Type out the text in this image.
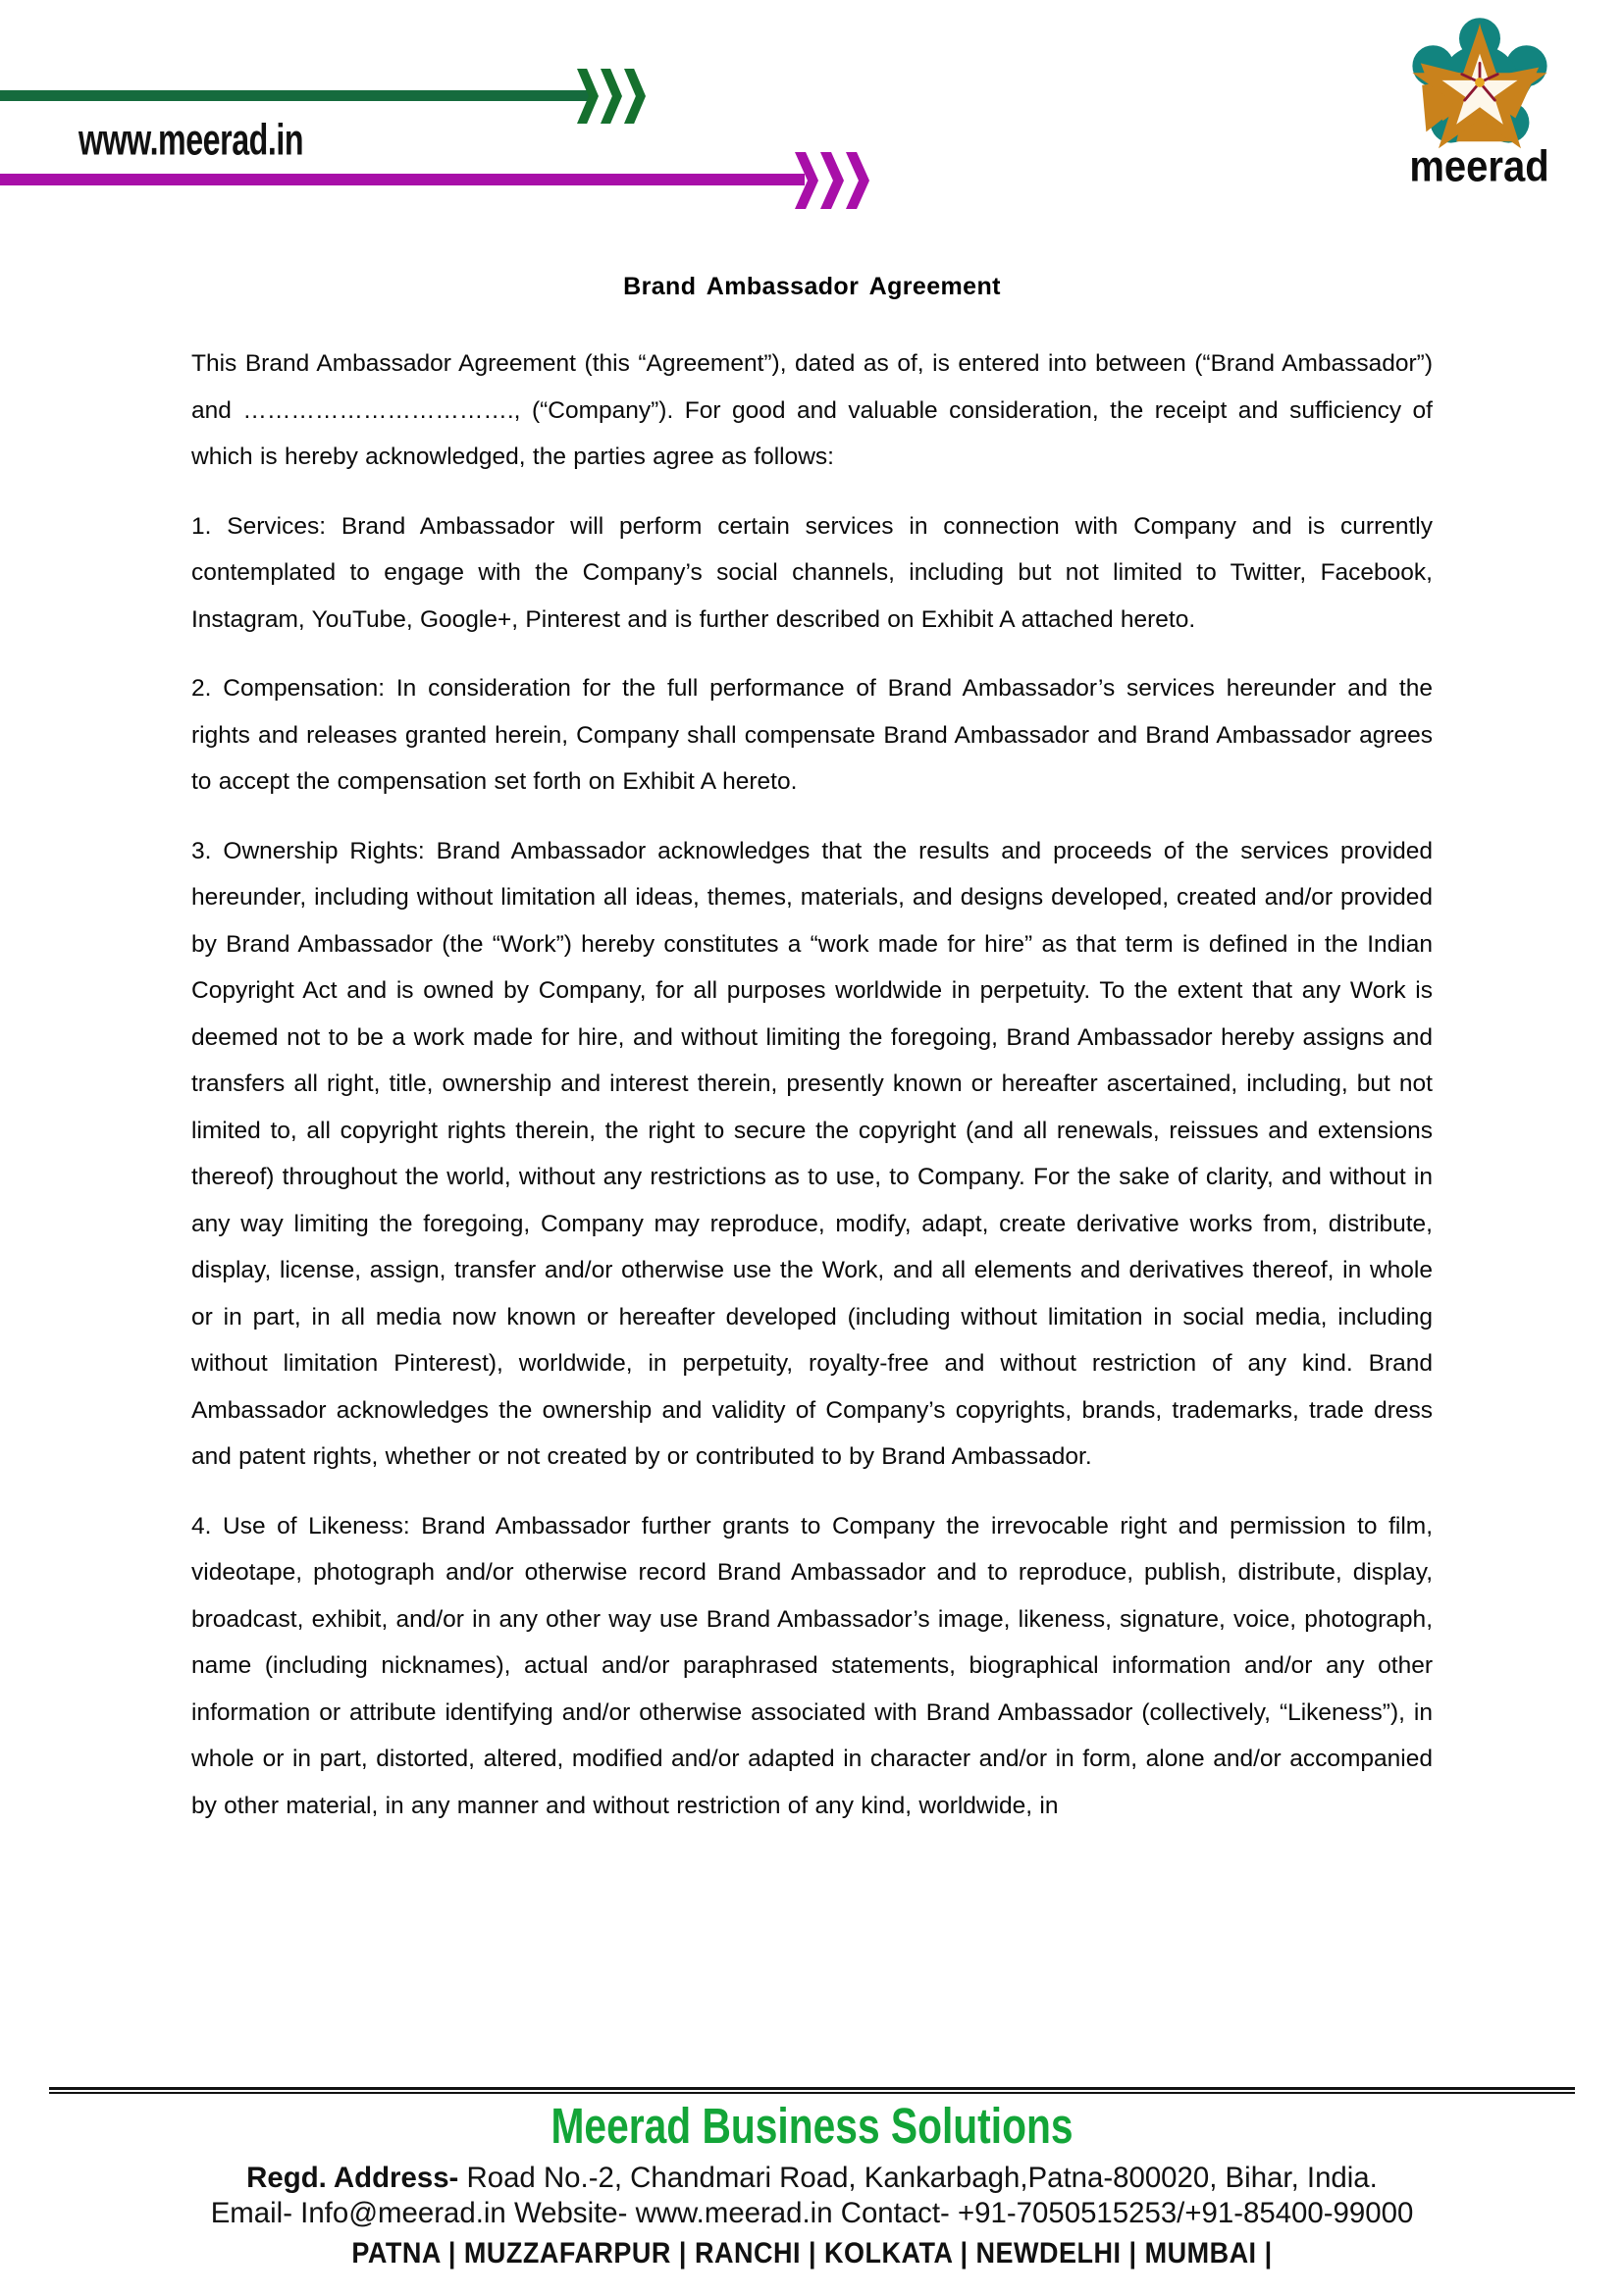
www.meerad.in
meerad
Brand Ambassador Agreement

This Brand Ambassador Agreement (this “Agreement”), dated as of, is entered into between (“Brand Ambassador”) and ……………………………., (“Company”). For good and valuable consideration, the receipt and sufficiency of which is hereby acknowledged, the parties agree as follows:

1. Services: Brand Ambassador will perform certain services in connection with Company and is currently contemplated to engage with the Company’s social channels, including but not limited to Twitter, Facebook, Instagram, YouTube, Google+, Pinterest and is further described on Exhibit A attached hereto.

2. Compensation: In consideration for the full performance of Brand Ambassador’s services hereunder and the rights and releases granted herein, Company shall compensate Brand Ambassador and Brand Ambassador agrees to accept the compensation set forth on Exhibit A hereto.

3. Ownership Rights: Brand Ambassador acknowledges that the results and proceeds of the services provided hereunder, including without limitation all ideas, themes, materials, and designs developed, created and/or provided by Brand Ambassador (the “Work”) hereby constitutes a “work made for hire” as that term is defined in the Indian Copyright Act and is owned by Company, for all purposes worldwide in perpetuity. To the extent that any Work is deemed not to be a work made for hire, and without limiting the foregoing, Brand Ambassador hereby assigns and transfers all right, title, ownership and interest therein, presently known or hereafter ascertained, including, but not limited to, all copyright rights therein, the right to secure the copyright (and all renewals, reissues and extensions thereof) throughout the world, without any restrictions as to use, to Company. For the sake of clarity, and without in any way limiting the foregoing, Company may reproduce, modify, adapt, create derivative works from, distribute, display, license, assign, transfer and/or otherwise use the Work, and all elements and derivatives thereof, in whole or in part, in all media now known or hereafter developed (including without limitation in social media, including without limitation Pinterest), worldwide, in perpetuity, royalty-free and without restriction of any kind. Brand Ambassador acknowledges the ownership and validity of Company’s copyrights, brands, trademarks, trade dress and patent rights, whether or not created by or contributed to by Brand Ambassador.

4. Use of Likeness: Brand Ambassador further grants to Company the irrevocable right and permission to film, videotape, photograph and/or otherwise record Brand Ambassador and to reproduce, publish, distribute, display, broadcast, exhibit, and/or in any other way use Brand Ambassador’s image, likeness, signature, voice, photograph, name (including nicknames), actual and/or paraphrased statements, biographical information and/or any other information or attribute identifying and/or otherwise associated with Brand Ambassador (collectively, “Likeness”), in whole or in part, distorted, altered, modified and/or adapted in character and/or in form, alone and/or accompanied by other material, in any manner and without restriction of any kind, worldwide, in

Meerad Business Solutions
Regd. Address- Road No.-2, Chandmari Road, Kankarbagh,Patna-800020, Bihar, India.
Email- Info@meerad.in Website- www.meerad.in Contact- +91-7050515253/+91-85400-99000
PATNA | MUZZAFARPUR | RANCHI | KOLKATA | NEWDELHI | MUMBAI |
